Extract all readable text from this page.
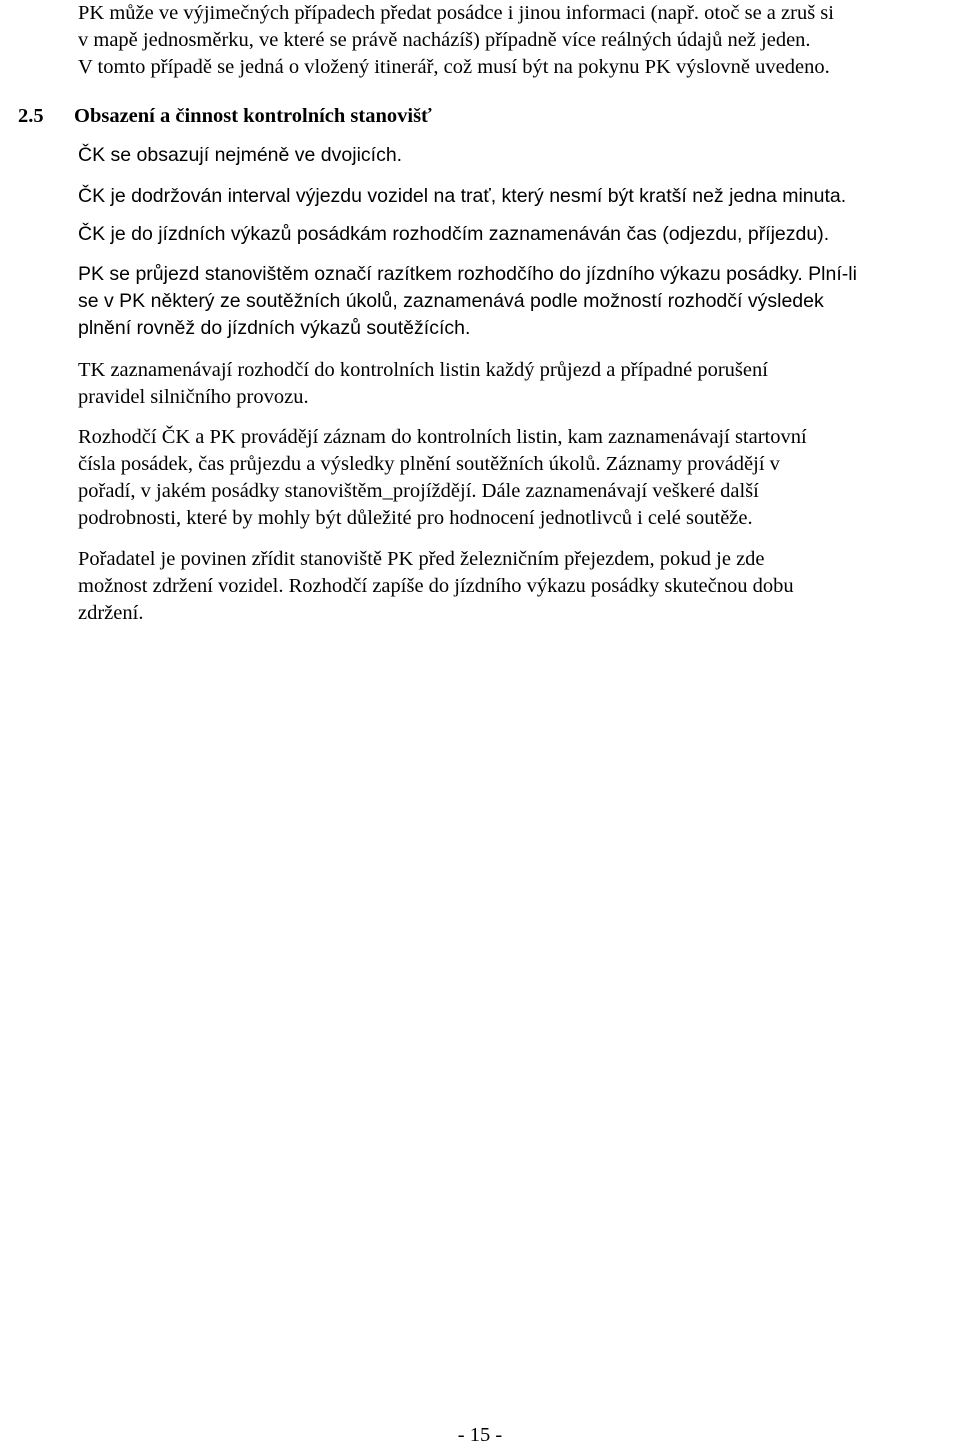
PK může ve výjimečných případech předat posádce i jinou informaci (např. otoč se a zruš si
v mapě jednosměrku, ve které se právě nacházíš) případně více reálných údajů než jeden.
V tomto případě se jedná o vložený itinerář, což musí být na pokynu PK výslovně uvedeno.
2.5 Obsazení a činnost kontrolních stanovišť
ČK se obsazují nejméně ve dvojicích.
ČK je dodržován interval výjezdu vozidel na trať, který nesmí být kratší než jedna minuta.
ČK je do jízdních výkazů posádkám rozhodčím zaznamenáván čas (odjezdu, příjezdu).
PK se průjezd stanovištěm označí razítkem rozhodčího do jízdního výkazu posádky. Plní-li
se v PK některý ze soutěžních úkolů, zaznamenává podle možností rozhodčí výsledek
plnění rovněž do jízdních výkazů soutěžících.
TK zaznamenávají rozhodčí do kontrolních listin každý průjezd a případné porušení
pravidel silničního provozu.
Rozhodčí ČK a PK provádějí záznam do kontrolních listin, kam zaznamenávají startovní
čísla posádek, čas průjezdu a výsledky plnění soutěžních úkolů. Záznamy provádějí v
pořadí, v jakém posádky stanovištěm_projíždějí. Dále zaznamenávají veškeré další
podrobnosti, které by mohly být důležité pro hodnocení jednotlivců i celé soutěže.
Pořadatel je povinen zřídit stanoviště PK před železničním přejezdem, pokud je zde
možnost zdržení vozidel. Rozhodčí zapíše do jízdního výkazu posádky skutečnou dobu
zdržení.
- 15 -
